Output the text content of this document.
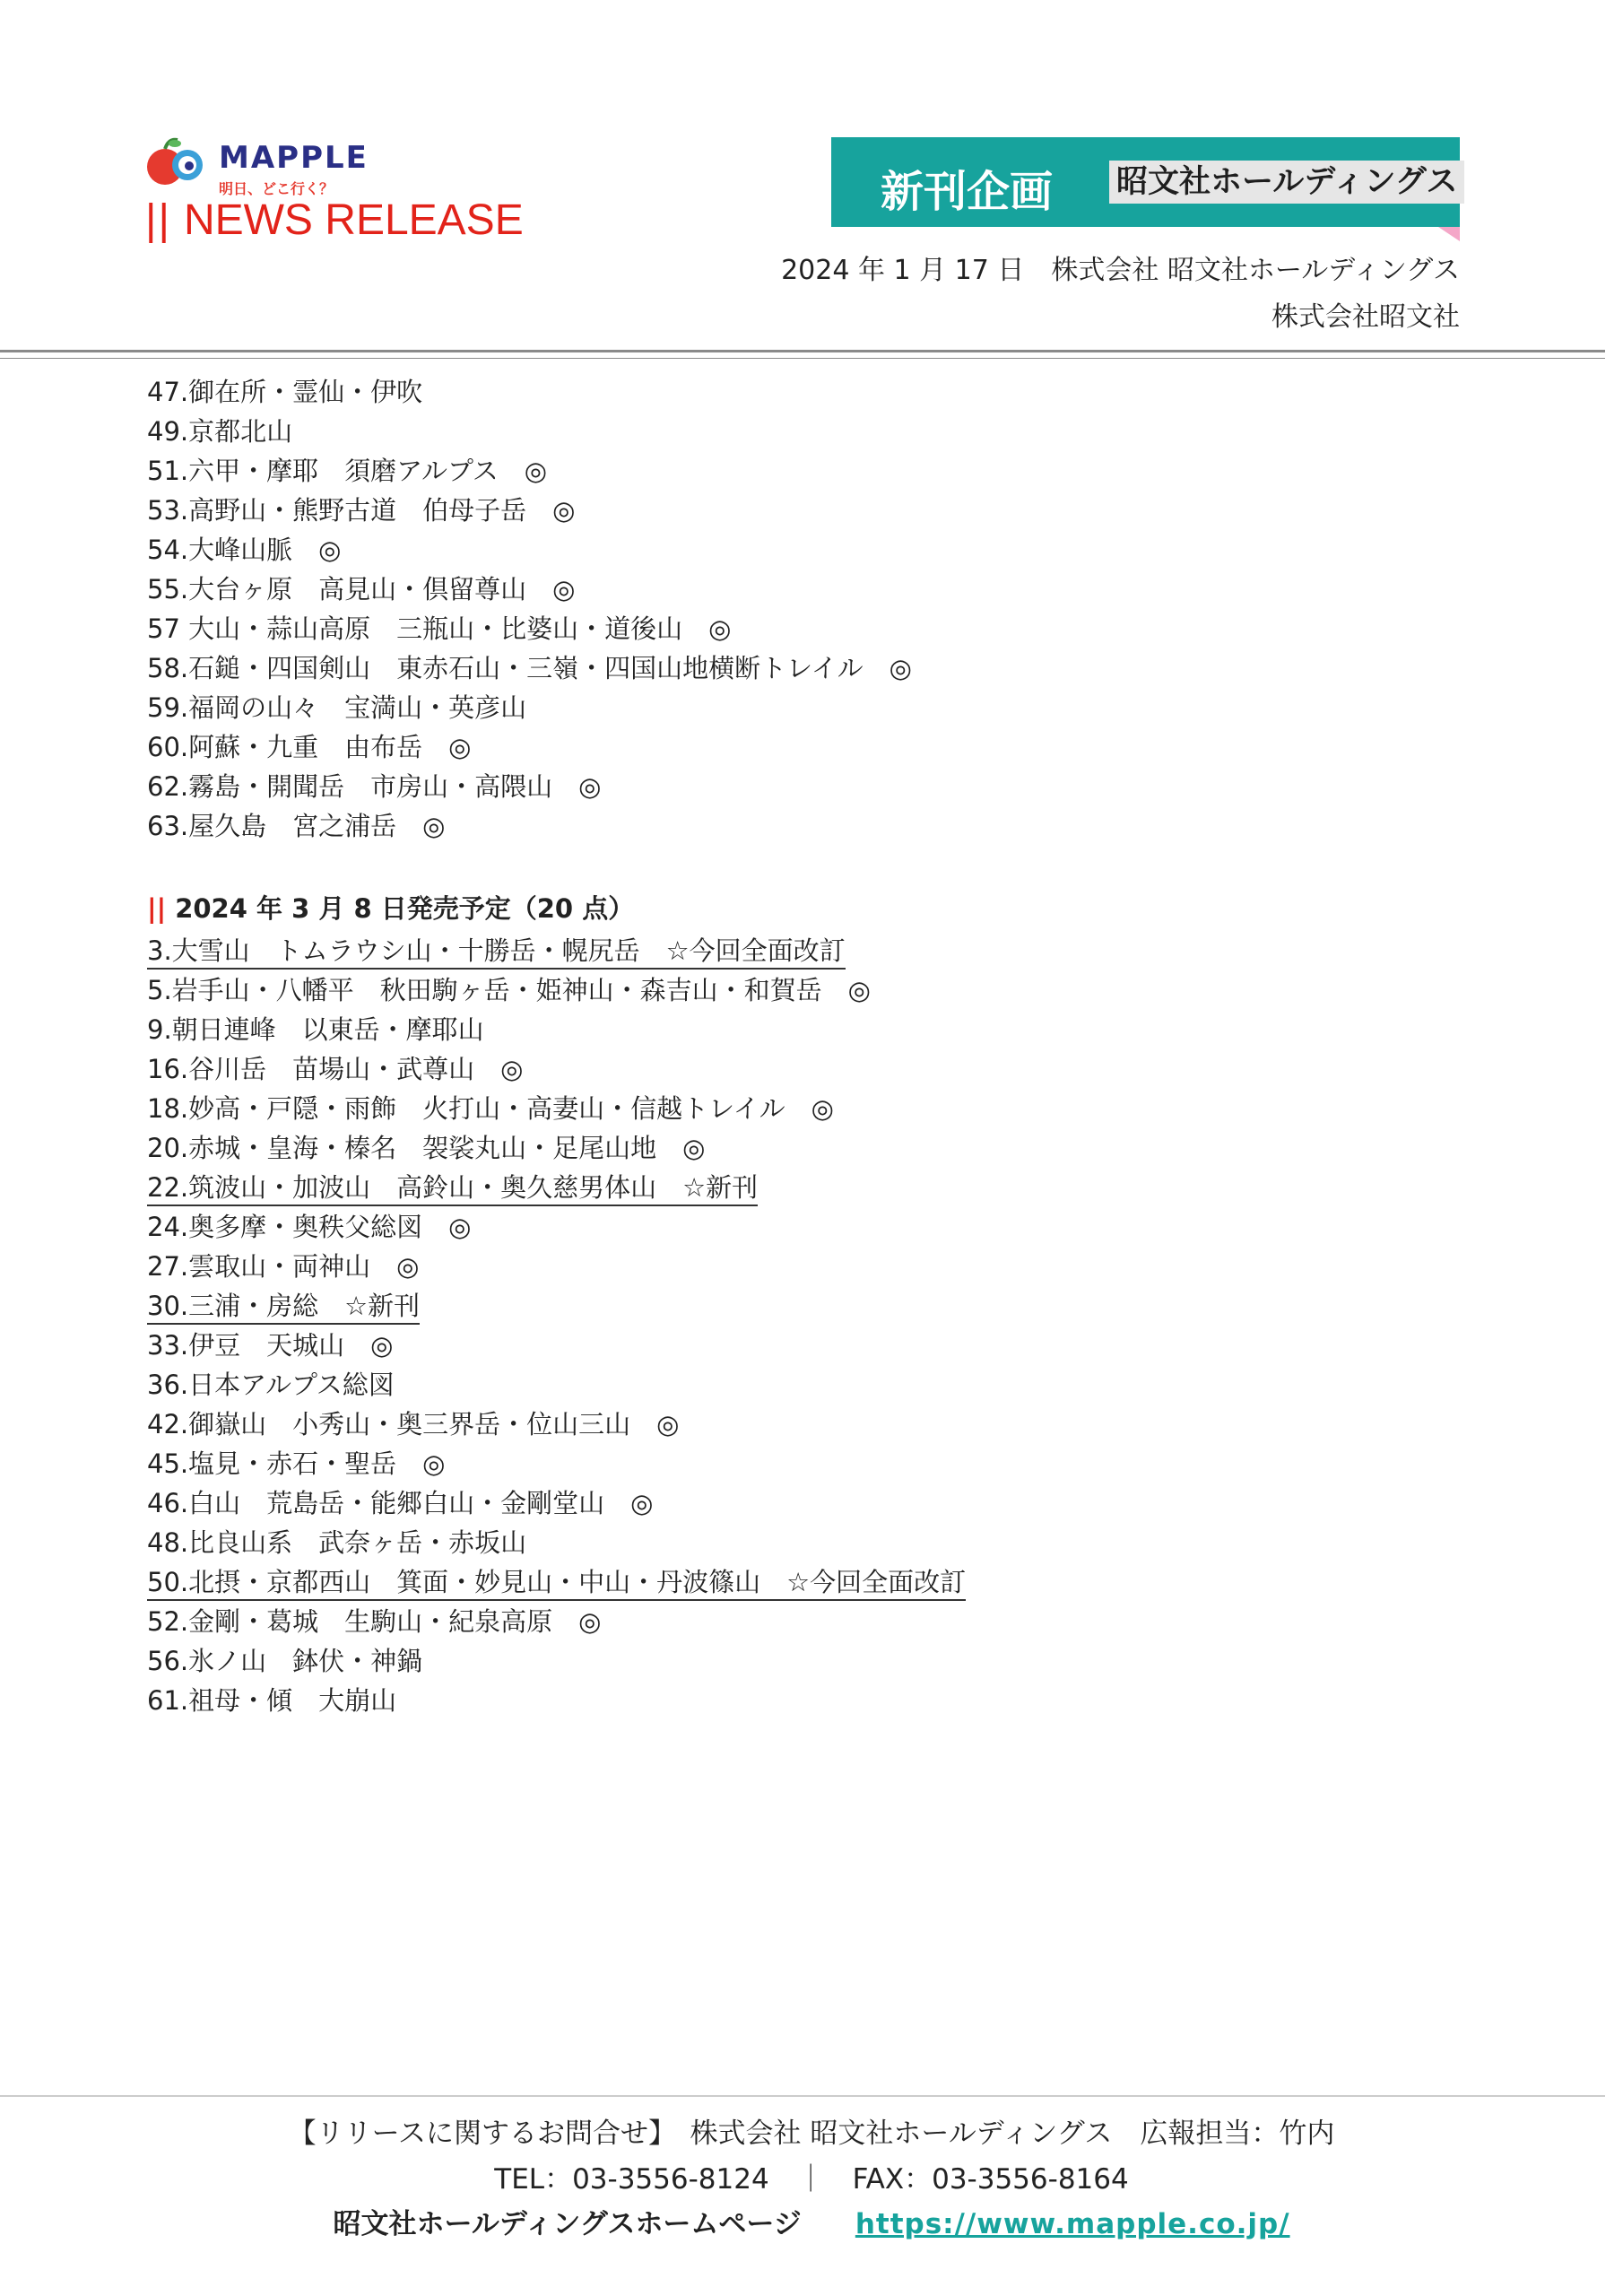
MAPPLE
明日、どこ行く？
|| NEWS RELEASE
新刊企画 昭文社ホールディングス
2024 年 1 月 17 日　株式会社 昭文社ホールディングス
株式会社昭文社
47.御在所・霊仙・伊吹
49.京都北山
51.六甲・摩耶　須磨アルプス　◎
53.高野山・熊野古道　伯母子岳　◎
54.大峰山脈　◎
55.大台ヶ原　高見山・倶留尊山　◎
57 大山・蒜山高原　三瓶山・比婆山・道後山　◎
58.石鎚・四国剣山　東赤石山・三嶺・四国山地横断トレイル　◎
59.福岡の山々　宝満山・英彦山
60.阿蘇・九重　由布岳　◎
62.霧島・開聞岳　市房山・高隈山　◎
63.屋久島　宮之浦岳　◎
|| 2024 年 3 月 8 日発売予定（20 点）
3.大雪山　トムラウシ山・十勝岳・幌尻岳　☆今回全面改訂
5.岩手山・八幡平　秋田駒ヶ岳・姫神山・森吉山・和賀岳　◎
9.朝日連峰　以東岳・摩耶山
16.谷川岳　苗場山・武尊山　◎
18.妙高・戸隠・雨飾　火打山・高妻山・信越トレイル　◎
20.赤城・皇海・榛名　袈裟丸山・足尾山地　◎
22.筑波山・加波山　高鈴山・奥久慈男体山　☆新刊
24.奥多摩・奥秩父総図　◎
27.雲取山・両神山　◎
30.三浦・房総　☆新刊
33.伊豆　天城山　◎
36.日本アルプス総図
42.御嶽山　小秀山・奥三界岳・位山三山　◎
45.塩見・赤石・聖岳　◎
46.白山　荒島岳・能郷白山・金剛堂山　◎
48.比良山系　武奈ヶ岳・赤坂山
50.北摂・京都西山　箕面・妙見山・中山・丹波篠山　☆今回全面改訂
52.金剛・葛城　生駒山・紀泉高原　◎
56.氷ノ山　鉢伏・神鍋
61.祖母・傾　大崩山
【リリースに関するお問合せ】　株式会社 昭文社ホールディングス　広報担当：竹内
TEL：03-3556-8124　｜　FAX：03-3556-8164
昭文社ホールディングスホームページ https://www.mapple.co.jp/
